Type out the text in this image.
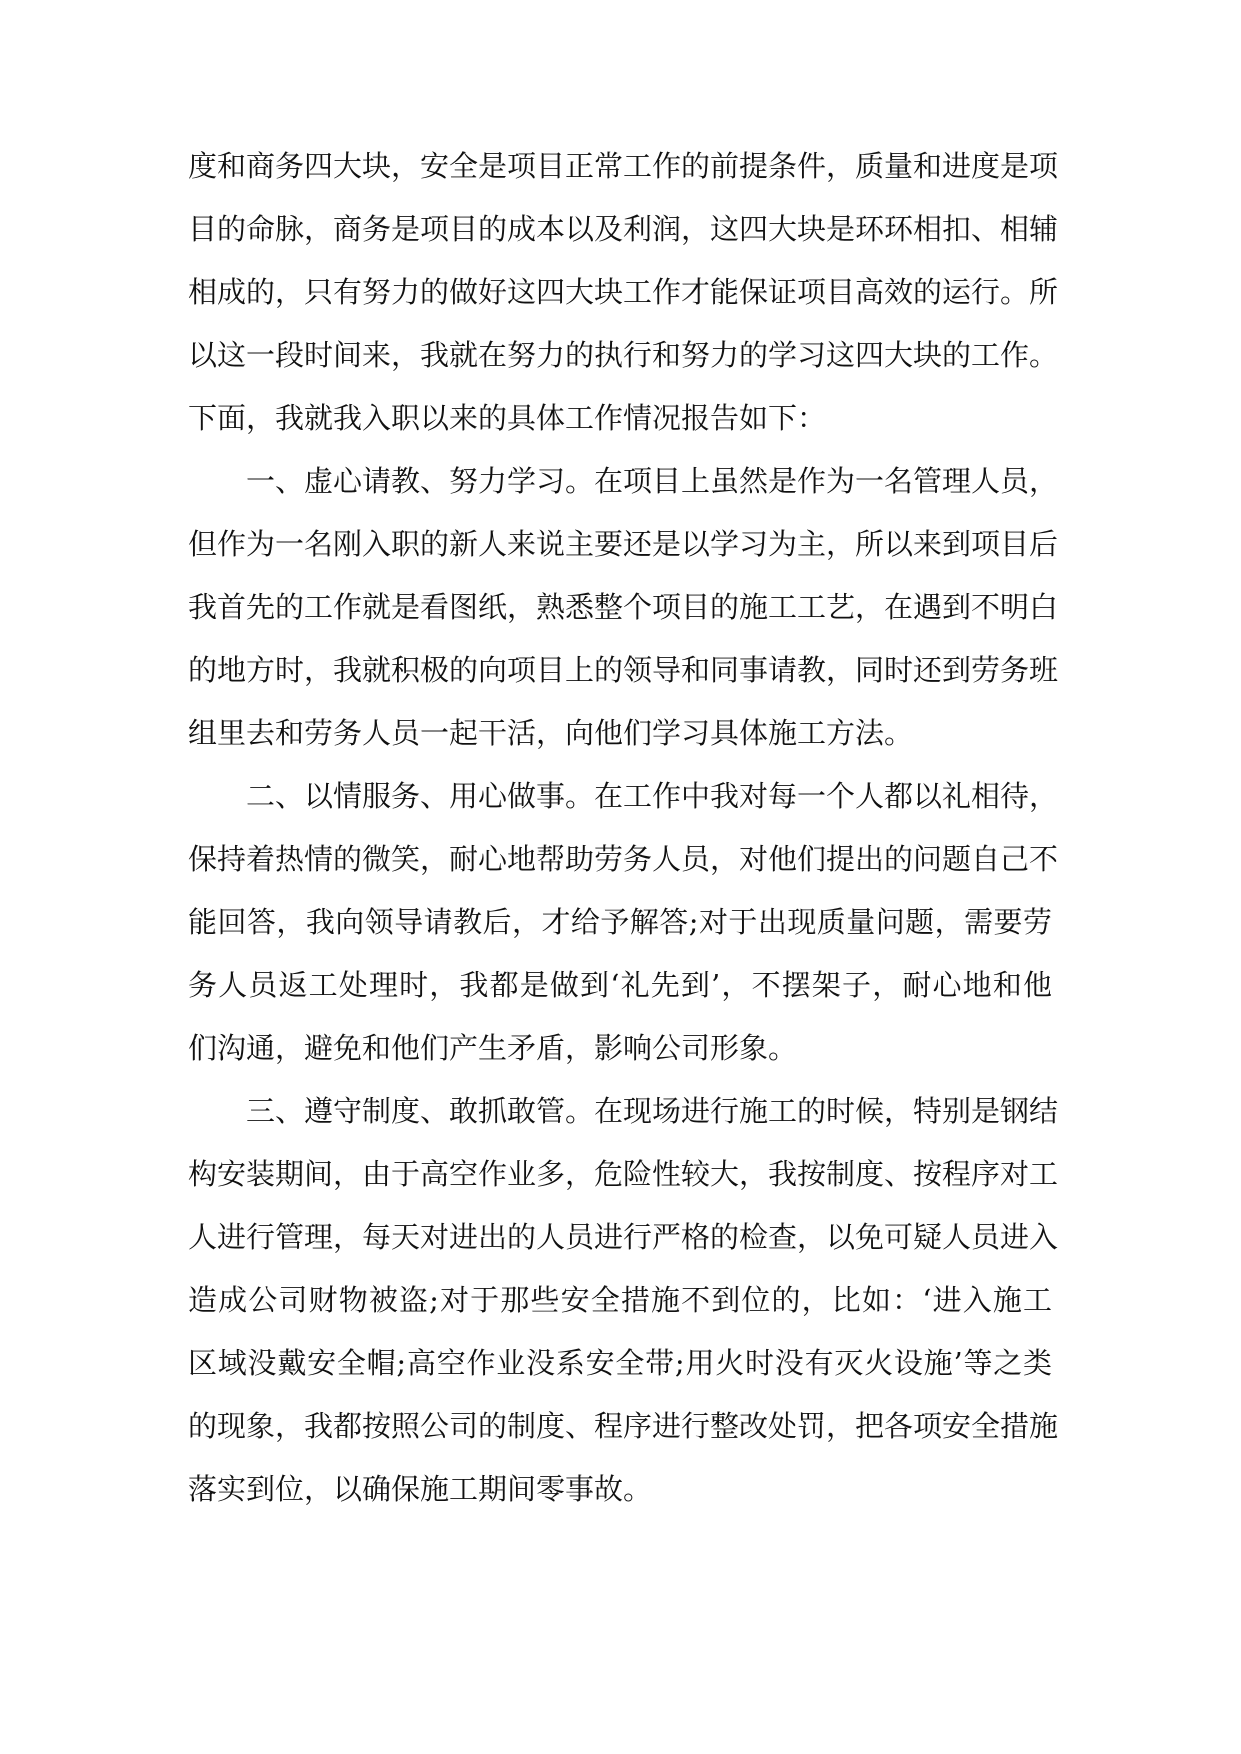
度和商务四大块，安全是项目正常工作的前提条件，质量和进度是项
目的命脉，商务是项目的成本以及利润，这四大块是环环相扣、相辅
相成的，只有努力的做好这四大块工作才能保证项目高效的运行。所
以这一段时间来，我就在努力的执行和努力的学习这四大块的工作。
下面，我就我入职以来的具体工作情况报告如下：
一、虚心请教、努力学习。在项目上虽然是作为一名管理人员，
但作为一名刚入职的新人来说主要还是以学习为主，所以来到项目后
我首先的工作就是看图纸，熟悉整个项目的施工工艺，在遇到不明白
的地方时，我就积极的向项目上的领导和同事请教，同时还到劳务班
组里去和劳务人员一起干活，向他们学习具体施工方法。
二、以情服务、用心做事。在工作中我对每一个人都以礼相待，
保持着热情的微笑，耐心地帮助劳务人员，对他们提出的问题自己不
能回答，我向领导请教后，才给予解答;对于出现质量问题，需要劳
务人员返工处理时，我都是做到‘礼先到’，不摆架子，耐心地和他
们沟通，避免和他们产生矛盾，影响公司形象。
三、遵守制度、敢抓敢管。在现场进行施工的时候，特别是钢结
构安装期间，由于高空作业多，危险性较大，我按制度、按程序对工
人进行管理，每天对进出的人员进行严格的检查，以免可疑人员进入
造成公司财物被盗;对于那些安全措施不到位的，比如：‘进入施工
区域没戴安全帽;高空作业没系安全带;用火时没有灭火设施’等之类
的现象，我都按照公司的制度、程序进行整改处罚，把各项安全措施
落实到位，以确保施工期间零事故。
